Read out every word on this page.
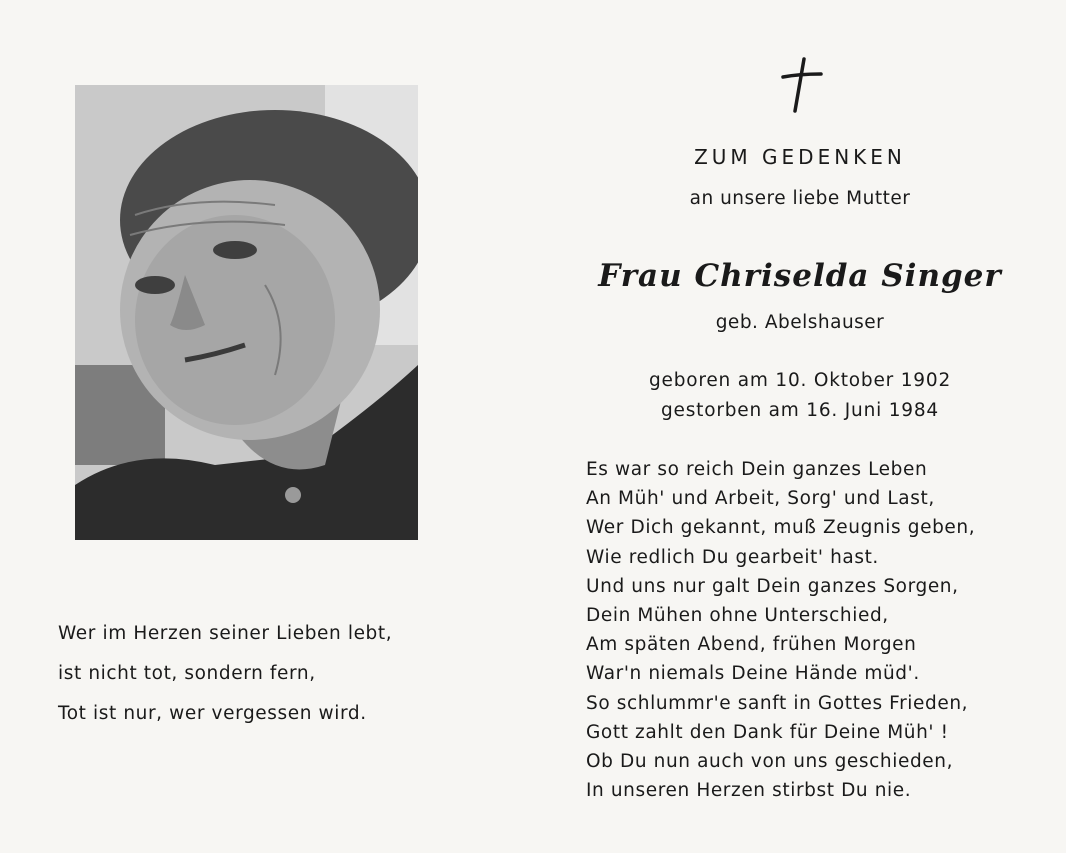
Wer im Herzen seiner Lieben lebt,
ist nicht tot, sondern fern,
Tot ist nur, wer vergessen wird.
ZUM GEDENKEN
an unsere liebe Mutter
Frau Chriselda Singer
geb. Abelshauser
geboren am 10. Oktober 1902
gestorben am 16. Juni 1984
Es war so reich Dein ganzes Leben
An Müh' und Arbeit, Sorg' und Last,
Wer Dich gekannt, muß Zeugnis geben,
Wie redlich Du gearbeit' hast.
Und uns nur galt Dein ganzes Sorgen,
Dein Mühen ohne Unterschied,
Am späten Abend, frühen Morgen
War'n niemals Deine Hände müd'.
So schlummr'e sanft in Gottes Frieden,
Gott zahlt den Dank für Deine Müh' !
Ob Du nun auch von uns geschieden,
In unseren Herzen stirbst Du nie.
